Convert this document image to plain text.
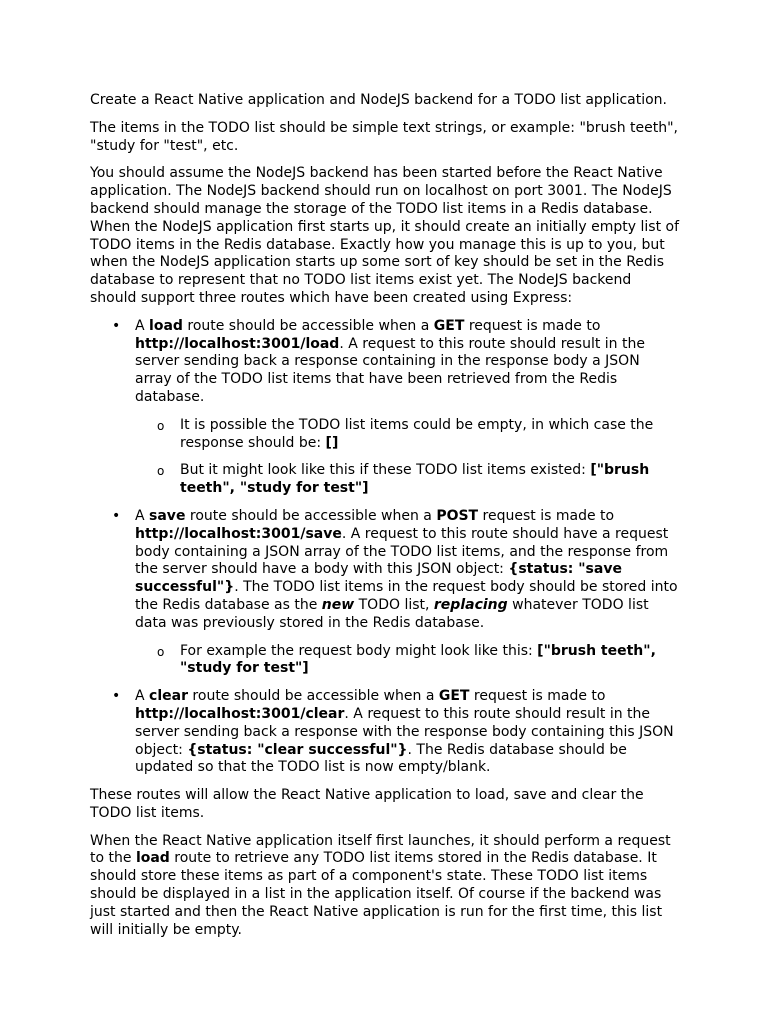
Create a React Native application and NodeJS backend for a TODO list application.

The items in the TODO list should be simple text strings, or example: "brush teeth", "study for "test", etc.

You should assume the NodeJS backend has been started before the React Native application. The NodeJS backend should run on localhost on port 3001. The NodeJS backend should manage the storage of the TODO list items in a Redis database. When the NodeJS application first starts up, it should create an initially empty list of TODO items in the Redis database. Exactly how you manage this is up to you, but when the NodeJS application starts up some sort of key should be set in the Redis database to represent that no TODO list items exist yet. The NodeJS backend should support three routes which have been created using Express:

• A load route should be accessible when a GET request is made to http://localhost:3001/load. A request to this route should result in the server sending back a response containing in the response body a JSON array of the TODO list items that have been retrieved from the Redis database.
o It is possible the TODO list items could be empty, in which case the response should be: []
o But it might look like this if these TODO list items existed: ["brush teeth", "study for test"]
• A save route should be accessible when a POST request is made to http://localhost:3001/save. A request to this route should have a request body containing a JSON array of the TODO list items, and the response from the server should have a body with this JSON object: {status: "save successful"}. The TODO list items in the request body should be stored into the Redis database as the new TODO list, replacing whatever TODO list data was previously stored in the Redis database.
o For example the request body might look like this: ["brush teeth", "study for test"]
• A clear route should be accessible when a GET request is made to http://localhost:3001/clear. A request to this route should result in the server sending back a response with the response body containing this JSON object: {status: "clear successful"}. The Redis database should be updated so that the TODO list is now empty/blank.

These routes will allow the React Native application to load, save and clear the TODO list items.

When the React Native application itself first launches, it should perform a request to the load route to retrieve any TODO list items stored in the Redis database. It should store these items as part of a component's state. These TODO list items should be displayed in a list in the application itself. Of course if the backend was just started and then the React Native application is run for the first time, this list will initially be empty.
